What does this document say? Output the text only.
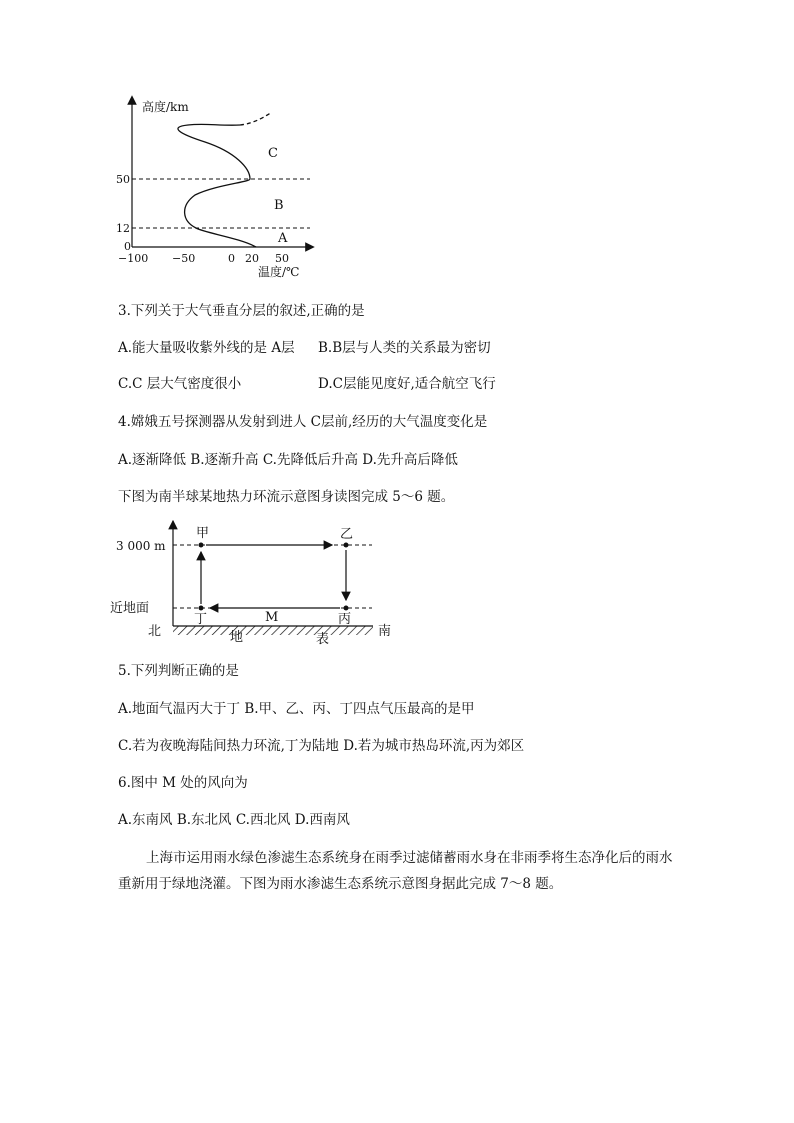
高度/km
温度/℃
50
12
0
−100 −50	0 20 50
C
B
A
3.下列关于大气垂直分层的叙述,正确的是
A.能大量吸收紫外线的是 A层 B.B层与人类的关系最为密切
C.C 层大气密度很小	D.C层能见度好,适合航空飞行
4.嫦娥五号探测器从发射到进人 C层前,经历的大气温度变化是
A.逐渐降低 B.逐渐升高 C.先降低后升高 D.先升高后降低
下图为南半球某地热力环流示意图身读图完成 5～6 题。
3 000 m
近地面
北	南
甲	乙
丙
丁	M
地	表
5.下列判断正确的是
A.地面气温丙大于丁 B.甲、乙、丙、丁四点气压最高的是甲
C.若为夜晚海陆间热力环流,丁为陆地 D.若为城市热岛环流,丙为郊区
6.图中 M 处的风向为
A.东南风 B.东北风 C.西北风 D.西南风
上海市运用雨水绿色渗滤生态系统身在雨季过滤储蓄雨水身在非雨季将生态净化后的雨水 重新用于绿地浇灌。下图为雨水渗滤生态系统示意图身据此完成 7～8 题。
